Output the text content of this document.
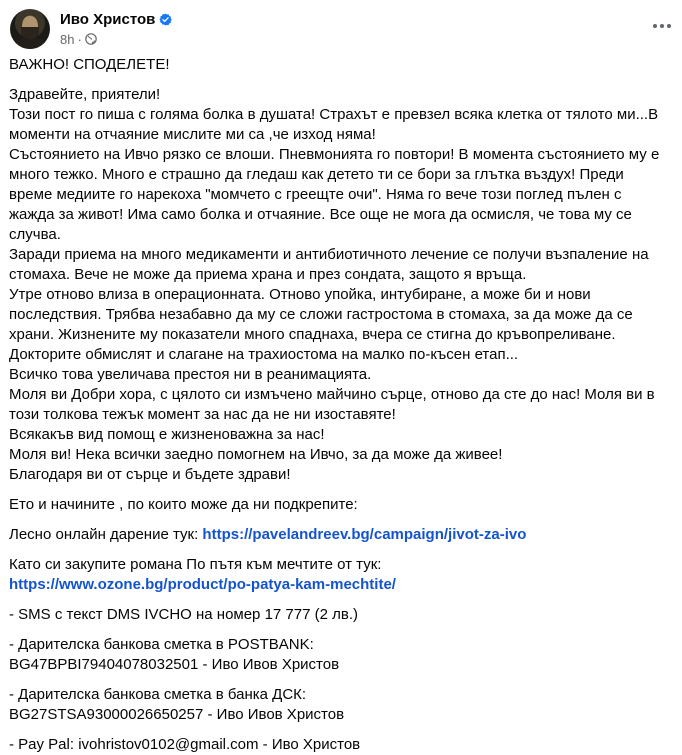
Иво Христов
8h ·

ВАЖНО! СПОДЕЛЕТЕ!

Здравейте, приятели!

Този пост го пиша с голяма болка в душата! Страхът е превзел всяка клетка от тялото ми...В

моменти на отчаяние мислите ми са ,че изход няма!

Състоянието на Ивчо рязко се влоши. Пневмонията го повтори! В момента състоянието му е

много тежко. Много е страшно да гледаш как детето ти се бори за глътка въздух! Преди

време медиите го нарекоха "момчето с грeещте очи". Няма го вече този поглед пълен с

жажда за живот! Има само болка и отчаяние. Все още не мога да осмисля, че това му се

случва.

Заради приема на много медикаменти и антибиотичното лечение се получи възпаление на

стомаха. Вече не може да приема храна и през сондата, защото я връща.

Утре отново влиза в операционната. Отново упойка, интубиране, а може би и нови

последствия. Трябва незабавно да му се сложи гастростома в стомаха, за да може да се

храни. Жизнените му показатели много спаднаха, вчера се стигна до кръвопреливане.

Докторите обмислят и слагане на трахиостома на малко по-късен етап...

Всичко това увеличава престоя ни в реанимацията.

Моля ви Добри хора, с цялото си измъчено майчино сърце, отново да сте до нас! Моля ви в

този толкова тежък момент за нас да не ни изоставяте!

Всякакъв вид помощ е жизненоважна за нас!

Моля ви! Нека всички заедно помогнем на Ивчо, за да може да живее!

Благодаря ви от сърце и бъдете здрави!

Ето и начините , по които може да ни подкрепите:

Лесно онлайн дарение тук: https://pavelandreev.bg/campaign/jivot-za-ivo

Като си закупите романа По пътя към мечтите от тук:

https://www.ozone.bg/product/po-patya-kam-mechtite/

- SMS с текст DMS IVCHO на номер 17 777 (2 лв.)

- Дарителска банкова сметка в POSTBANK:

BG47BPBI79404078032501 - Иво Ивов Христов

- Дарителска банкова сметка в банка ДСК:

BG27STSA93000026650257 - Иво Ивов Христов

- Pay Pal: ivohristov0102@gmail.com - Иво Христов
